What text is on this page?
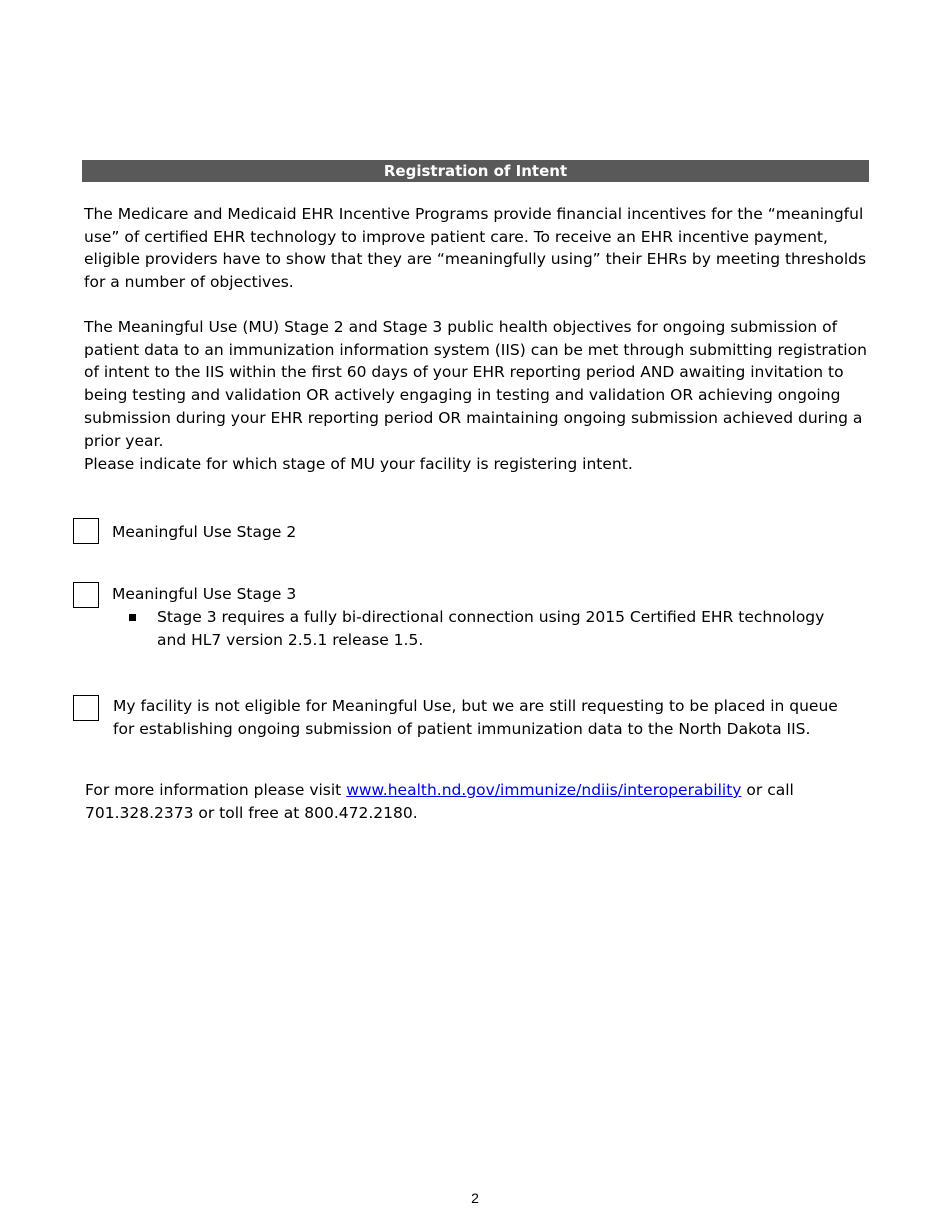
Registration of Intent

The Medicare and Medicaid EHR Incentive Programs provide financial incentives for the “meaningful use” of certified EHR technology to improve patient care. To receive an EHR incentive payment, eligible providers have to show that they are “meaningfully using” their EHRs by meeting thresholds for a number of objectives.

The Meaningful Use (MU) Stage 2 and Stage 3 public health objectives for ongoing submission of patient data to an immunization information system (IIS) can be met through submitting registration of intent to the IIS within the first 60 days of your EHR reporting period AND awaiting invitation to being testing and validation OR actively engaging in testing and validation OR achieving ongoing submission during your EHR reporting period OR maintaining ongoing submission achieved during a prior year.

Please indicate for which stage of MU your facility is registering intent.

Meaningful Use Stage 2

Meaningful Use Stage 3

Stage 3 requires a fully bi-directional connection using 2015 Certified EHR technology and HL7 version 2.5.1 release 1.5.

My facility is not eligible for Meaningful Use, but we are still requesting to be placed in queue for establishing ongoing submission of patient immunization data to the North Dakota IIS.

For more information please visit www.health.nd.gov/immunize/ndiis/interoperability or call 701.328.2373 or toll free at 800.472.2180.

2
